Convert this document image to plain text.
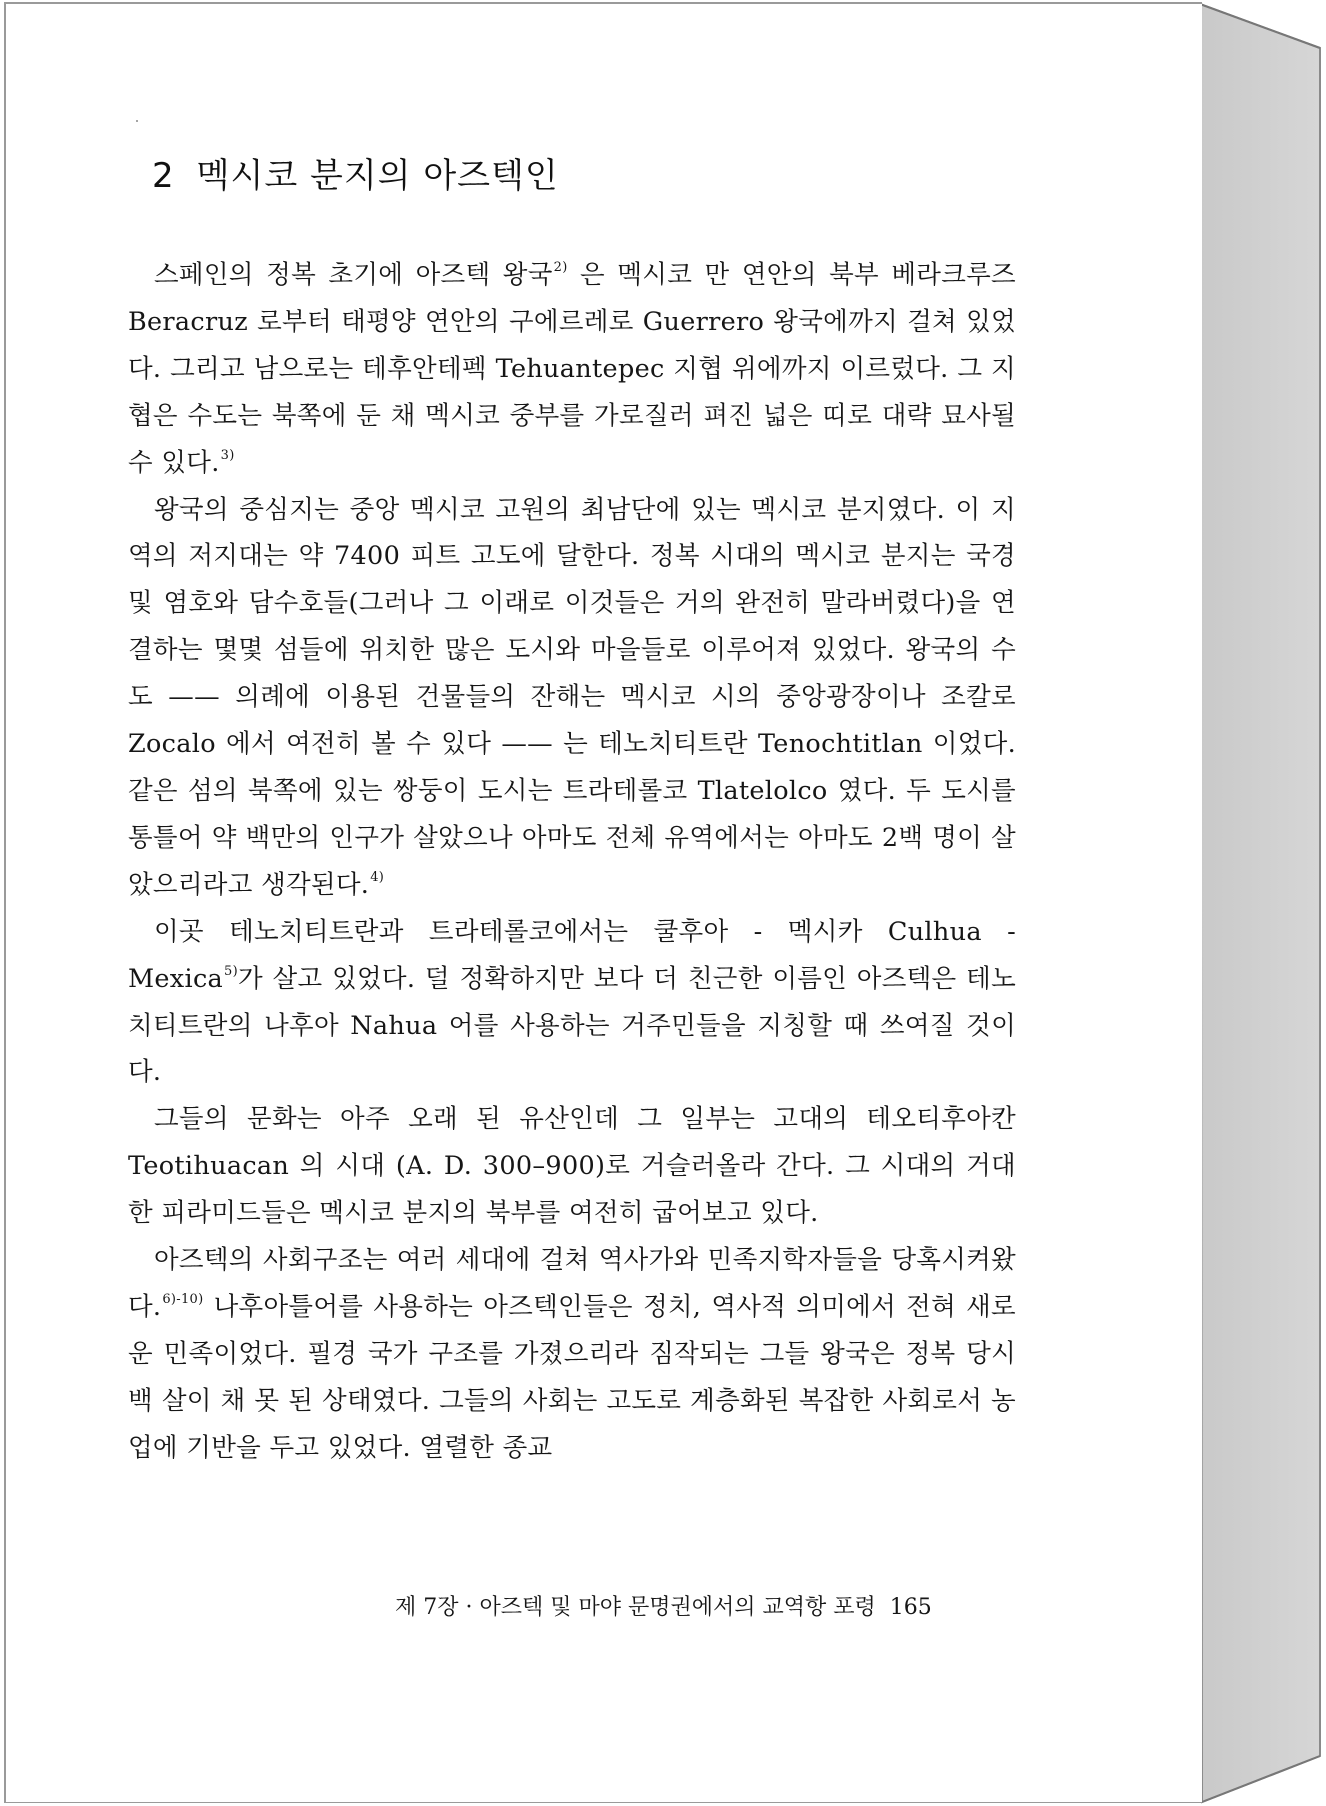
2 멕시코 분지의 아즈텍인

스페인의 정복 초기에 아즈텍 왕국$^{2)}$ 은 멕시코 만 연안의 북부 베라크루즈 Beracruz 로부터 태평양 연안의 구에르레로 Guerrero 왕국에까지 걸쳐 있었다. 그리고 남으로는 테후안테펙 Tehuantepec 지협 위에까지 이르렀다. 그 지협은 수도는 북쪽에 둔 채 멕시코 중부를 가로질러 펴진 넓은 띠로 대략 묘사될 수 있다.$^{3)}$

왕국의 중심지는 중앙 멕시코 고원의 최남단에 있는 멕시코 분지였다. 이 지역의 저지대는 약 7400 피트 고도에 달한다. 정복 시대의 멕시코 분지는 국경 및 염호와 담수호들(그러나 그 이래로 이것들은 거의 완전히 말라버렸다)을 연결하는 몇몇 섬들에 위치한 많은 도시와 마을들로 이루어져 있었다. 왕국의 수도 —— 의례에 이용된 건물들의 잔해는 멕시코 시의 중앙광장이나 조칼로 Zocalo 에서 여전히 볼 수 있다 —— 는 테노치티트란 Tenochtitlan 이었다. 같은 섬의 북쪽에 있는 쌍둥이 도시는 트라테롤코 Tlatelolco 였다. 두 도시를 통틀어 약 백만의 인구가 살았으나 아마도 전체 유역에서는 아마도 2백 명이 살았으리라고 생각된다.$^{4)}$

이곳 테노치티트란과 트라테롤코에서는 쿨후아 - 멕시카 Culhua - Mexica$^{5)}$가 살고 있었다. 덜 정확하지만 보다 더 친근한 이름인 아즈텍은 테노치티트란의 나후아 Nahua 어를 사용하는 거주민들을 지칭할 때 쓰여질 것이다.

그들의 문화는 아주 오래 된 유산인데 그 일부는 고대의 테오티후아칸 Teotihuacan 의 시대 (A. D. 300–900)로 거슬러올라 간다. 그 시대의 거대한 피라미드들은 멕시코 분지의 북부를 여전히 굽어보고 있다.

아즈텍의 사회구조는 여러 세대에 걸쳐 역사가와 민족지학자들을 당혹시켜왔다.$^{6)-10)}$ 나후아틀어를 사용하는 아즈텍인들은 정치, 역사적 의미에서 전혀 새로운 민족이었다. 필경 국가 구조를 가졌으리라 짐작되는 그들 왕국은 정복 당시 백 살이 채 못 된 상태였다. 그들의 사회는 고도로 계층화된 복잡한 사회로서 농업에 기반을 두고 있었다. 열렬한 종교

제 7장 · 아즈텍 및 마야 문명권에서의 교역항 포령 165
